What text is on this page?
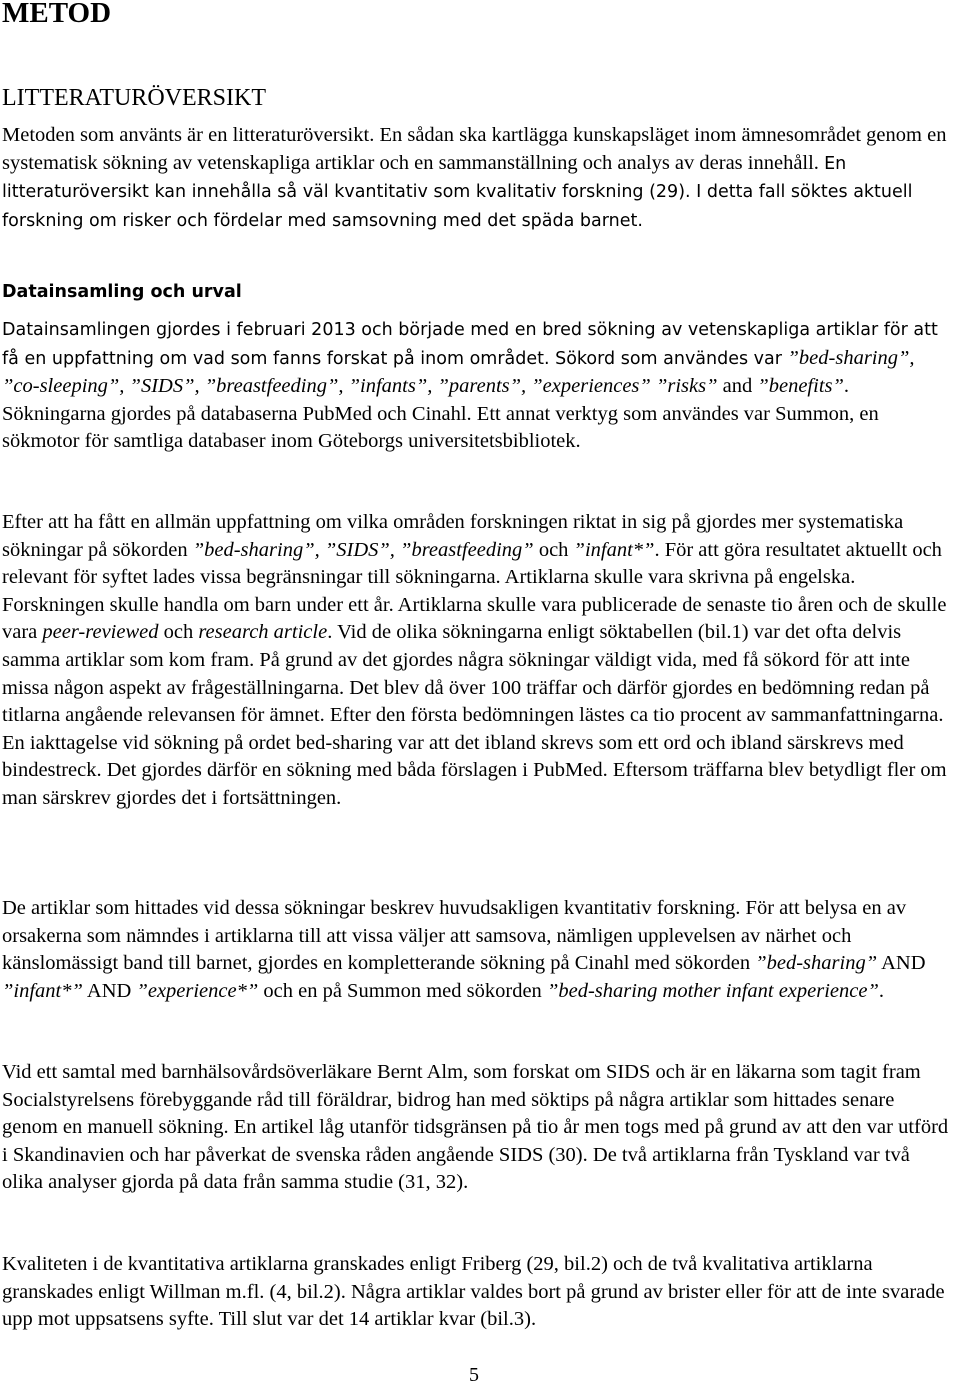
METOD
LITTERATURÖVERSIKT

Metoden som använts är en litteraturöversikt. En sådan ska kartlägga kunskapsläget inom ämnesområdet genom en systematisk sökning av vetenskapliga artiklar och en sammanställning och analys av deras innehåll. En litteraturöversikt kan innehålla så väl kvantitativ som kvalitativ forskning (29). I detta fall söktes aktuell forskning om risker och fördelar med samsovning med det späda barnet.

Datainsamling och urval

Datainsamlingen gjordes i februari 2013 och började med en bred sökning av vetenskapliga artiklar för att få en uppfattning om vad som fanns forskat på inom området. Sökord som användes var ”bed-sharing”, ”co-sleeping”, ”SIDS”, ”breastfeeding”, ”infants”, ”parents”, ”experiences” ”risks” and ”benefits”. Sökningarna gjordes på databaserna PubMed och Cinahl. Ett annat verktyg som användes var Summon, en sökmotor för samtliga databaser inom Göteborgs universitetsbibliotek.

Efter att ha fått en allmän uppfattning om vilka områden forskningen riktat in sig på gjordes mer systematiska sökningar på sökorden ”bed-sharing”, ”SIDS”, ”breastfeeding” och ”infant*”. För att göra resultatet aktuellt och relevant för syftet lades vissa begränsningar till sökningarna. Artiklarna skulle vara skrivna på engelska. Forskningen skulle handla om barn under ett år. Artiklarna skulle vara publicerade de senaste tio åren och de skulle vara peer-reviewed och research article. Vid de olika sökningarna enligt söktabellen (bil.1) var det ofta delvis samma artiklar som kom fram. På grund av det gjordes några sökningar väldigt vida, med få sökord för att inte missa någon aspekt av frågeställningarna. Det blev då över 100 träffar och därför gjordes en bedömning redan på titlarna angående relevansen för ämnet. Efter den första bedömningen lästes ca tio procent av sammanfattningarna. En iakttagelse vid sökning på ordet bed-sharing var att det ibland skrevs som ett ord och ibland särskrevs med bindestreck. Det gjordes därför en sökning med båda förslagen i PubMed. Eftersom träffarna blev betydligt fler om man särskrev gjordes det i fortsättningen.

De artiklar som hittades vid dessa sökningar beskrev huvudsakligen kvantitativ forskning. För att belysa en av orsakerna som nämndes i artiklarna till att vissa väljer att samsova, nämligen upplevelsen av närhet och känslomässigt band till barnet, gjordes en kompletterande sökning på Cinahl med sökorden ”bed-sharing” AND ”infant*” AND ”experience*” och en på Summon med sökorden ”bed-sharing mother infant experience”.

Vid ett samtal med barnhälsovårdsöverläkare Bernt Alm, som forskat om SIDS och är en läkarna som tagit fram Socialstyrelsens förebyggande råd till föräldrar, bidrog han med söktips på några artiklar som hittades senare genom en manuell sökning. En artikel låg utanför tidsgränsen på tio år men togs med på grund av att den var utförd i Skandinavien och har påverkat de svenska råden angående SIDS (30). De två artiklarna från Tyskland var två olika analyser gjorda på data från samma studie (31, 32).

Kvaliteten i de kvantitativa artiklarna granskades enligt Friberg (29, bil.2) och de två kvalitativa artiklarna granskades enligt Willman m.fl. (4, bil.2). Några artiklar valdes bort på grund av brister eller för att de inte svarade upp mot uppsatsens syfte. Till slut var det 14 artiklar kvar (bil.3).

5
